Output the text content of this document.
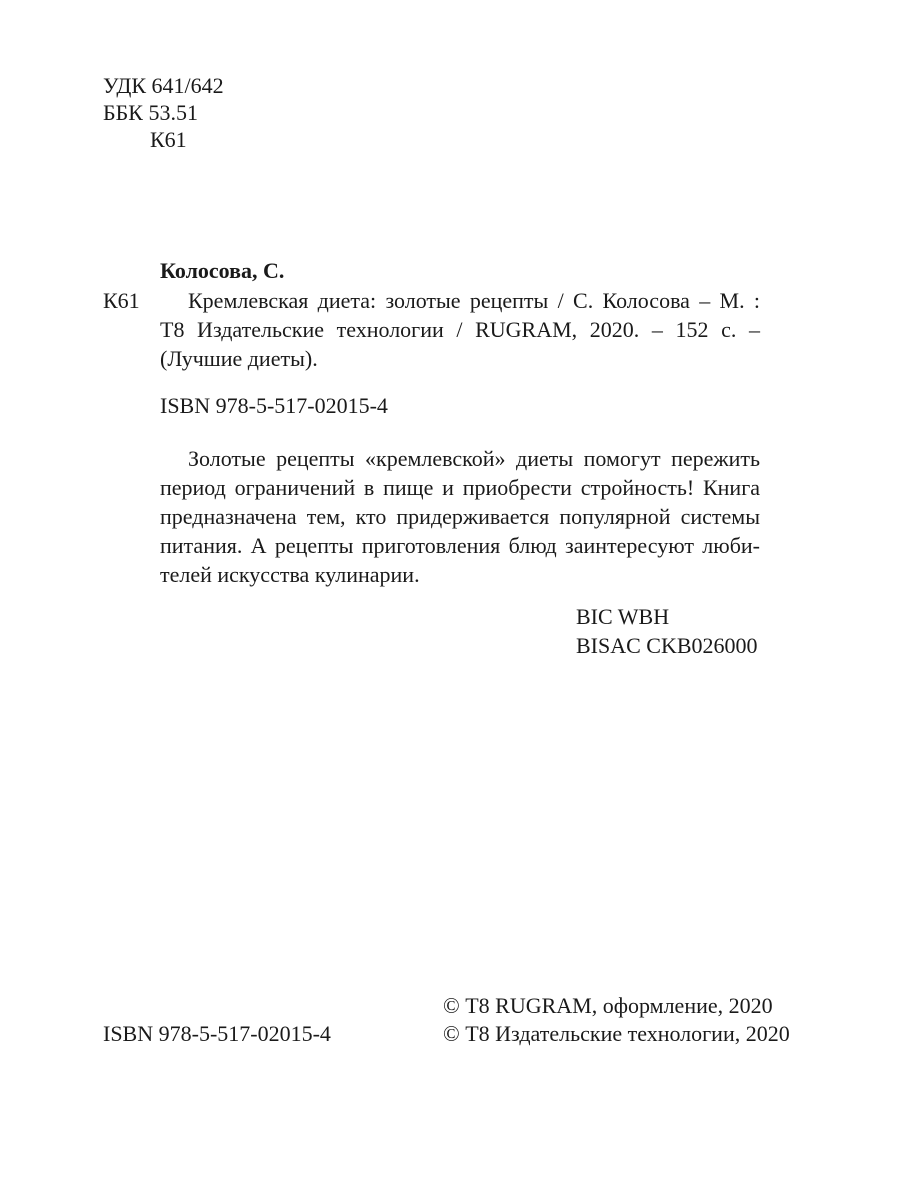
УДК 641/642
ББК 53.51
К61
Колосова, С.
К61	Кремлевская диета: золотые рецепты / С. Колосова – М. :
Т8 Издательские технологии / RUGRAM, 2020. – 152 с. –
(Лучшие диеты).
ISBN 978-5-517-02015-4
Золотые рецепты «кремлевской» диеты помогут пережить
период ограничений в пище и приобрести стройность! Книга
предназначена тем, кто придерживается популярной системы
питания. А рецепты приготовления блюд заинтересуют люби-
телей искусства кулинарии.
BIC WBH
BISAC CKB026000
ISBN 978-5-517-02015-4
© Т8 RUGRAM, оформление, 2020
© Т8 Издательские технологии, 2020
